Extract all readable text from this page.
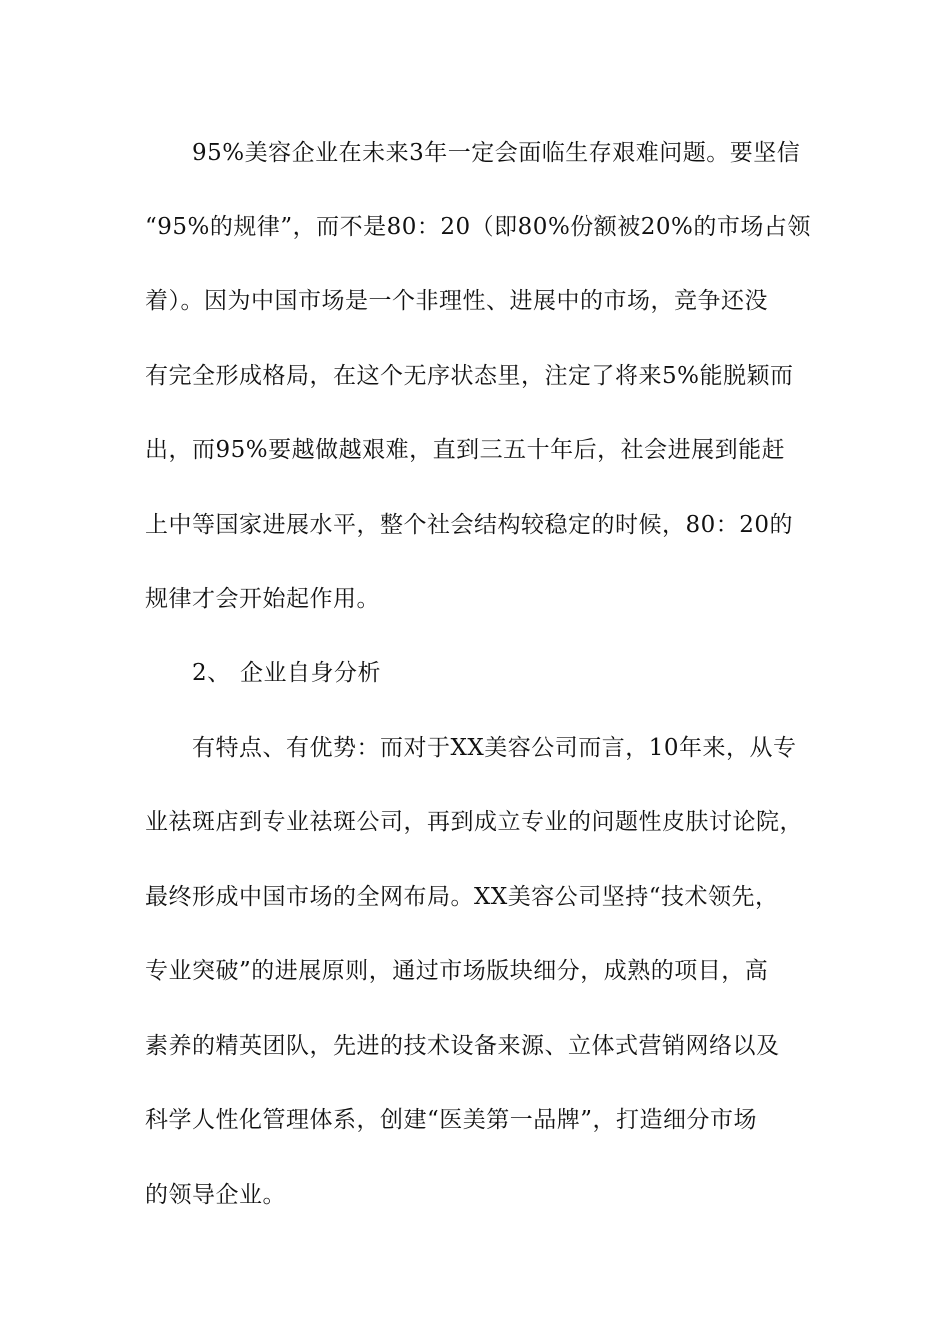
95%美容企业在未来3年一定会面临生存艰难问题。要坚信
“95%的规律”，而不是80：20（即80%份额被20%的市场占领
着）。因为中国市场是一个非理性、进展中的市场，竞争还没
有完全形成格局，在这个无序状态里，注定了将来5%能脱颖而
出，而95%要越做越艰难，直到三五十年后，社会进展到能赶
上中等国家进展水平，整个社会结构较稳定的时候，80：20的
规律才会开始起作用。
2、 企业自身分析
有特点、有优势：而对于XX美容公司而言，10年来，从专
业祛斑店到专业祛斑公司，再到成立专业的问题性皮肤讨论院，
最终形成中国市场的全网布局。XX美容公司坚持“技术领先，
专业突破”的进展原则，通过市场版块细分，成熟的项目，高
素养的精英团队，先进的技术设备来源、立体式营销网络以及
科学人性化管理体系，创建“医美第一品牌”，打造细分市场
的领导企业。
